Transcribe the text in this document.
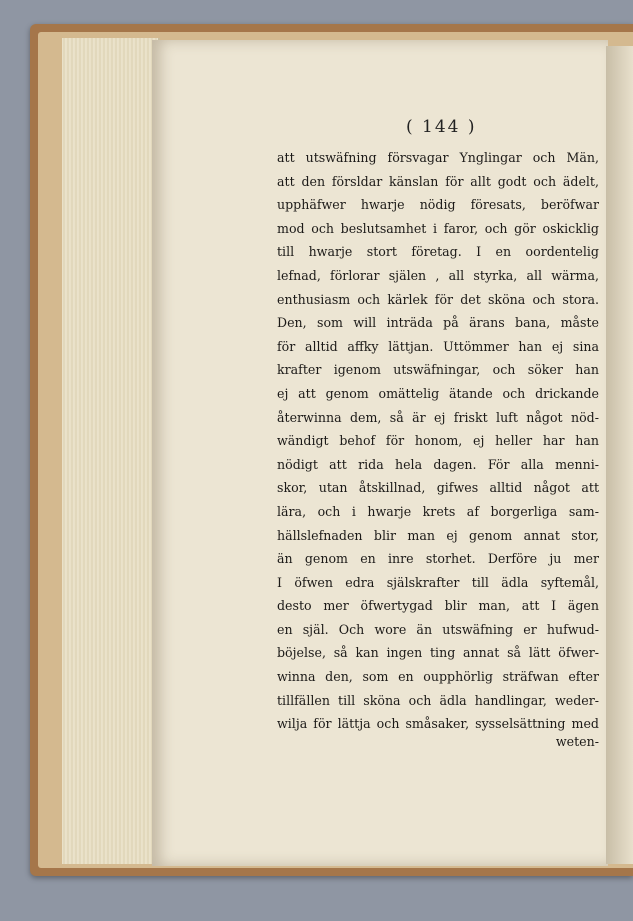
( 144 )
att utswäfning försvagar Ynglingar och Män,
att den försldar känslan för allt godt och ädelt,
upphäfwer hwarje nödig föresats, beröfwar
mod och beslutsamhet i faror, och gör oskicklig
till hwarje stort företag. I en oordentelig
lefnad, förlorar själen , all styrka, all wärma,
enthusiasm och kärlek för det sköna och stora.
Den, som will inträda på ärans bana, måste
för alltid affky lättjan. Uttömmer han ej sina
krafter igenom utswäfningar, och söker han
ej att genom omättelig ätande och drickande
återwinna dem, så är ej friskt luft något nöd-
wändigt behof för honom, ej heller har han
nödigt att rida hela dagen. För alla menni-
skor, utan åtskillnad, gifwes alltid något att
lära, och i hwarje krets af borgerliga sam-
hällslefnaden blir man ej genom annat stor,
än genom en inre storhet. Derföre ju mer
I öfwen edra själskrafter till ädla syftemål,
desto mer öfwertygad blir man, att I ägen
en själ. Och wore än utswäfning er hufwud-
böjelse, så kan ingen ting annat så lätt öfwer-
winna den, som en oupphörlig sträfwan efter
tillfällen till sköna och ädla handlingar, weder-
wilja för lättja och småsaker, sysselsättning med
weten-
